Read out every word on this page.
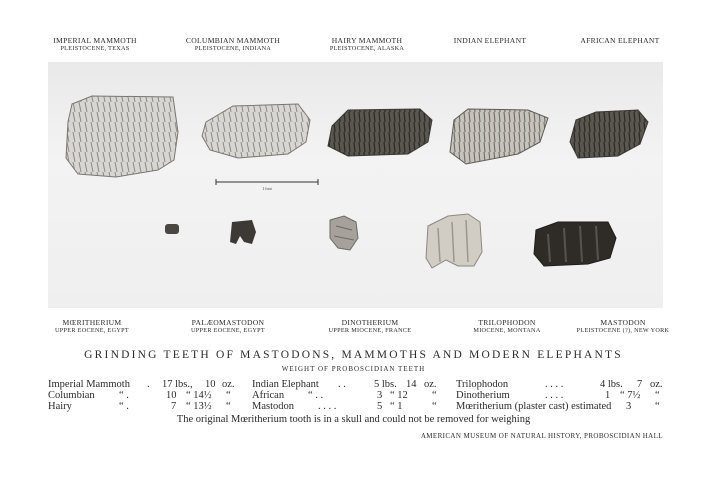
IMPERIAL MAMMOTH
PLEISTOCENE, TEXAS
COLUMBIAN MAMMOTH
PLEISTOCENE, INDIANA
HAIRY MAMMOTH
PLEISTOCENE, ALASKA
INDIAN ELEPHANT	AFRICAN ELEPHANT
1 foot
MŒRITHERIUM
UPPER EOCENE, EGYPT
PALÆOMASTODON
UPPER EOCENE, EGYPT
DINOTHERIUM
UPPER MIOCENE, FRANCE
TRILOPHODON
MIOCENE, MONTANA
MASTODON
PLEISTOCENE (?), NEW YORK
GRINDING TEETH OF MASTODONS, MAMMOTHS AND MODERN ELEPHANTS
WEIGHT OF PROBOSCIDIAN TEETH
Imperial Mammoth . 17 lbs., 10 oz.
Columbian “ .	10 “ 14½ “
Hairy	“ .	7 “ 13½ “
Indian Elephant . .	5 lbs. 14 oz.
African “ . .	3 “ 12 “
Mastodon . . . .	5 “ 1	“
Trilophodon	. . . .	4 lbs. 7 oz.
Dinotherium	. . . .	1 “ 7½ “
Mœritherium (plaster cast) estimated 3 “
The original Mœritherium tooth is in a skull and could not be removed for weighing
AMERICAN MUSEUM OF NATURAL HISTORY, PROBOSCIDIAN HALL
